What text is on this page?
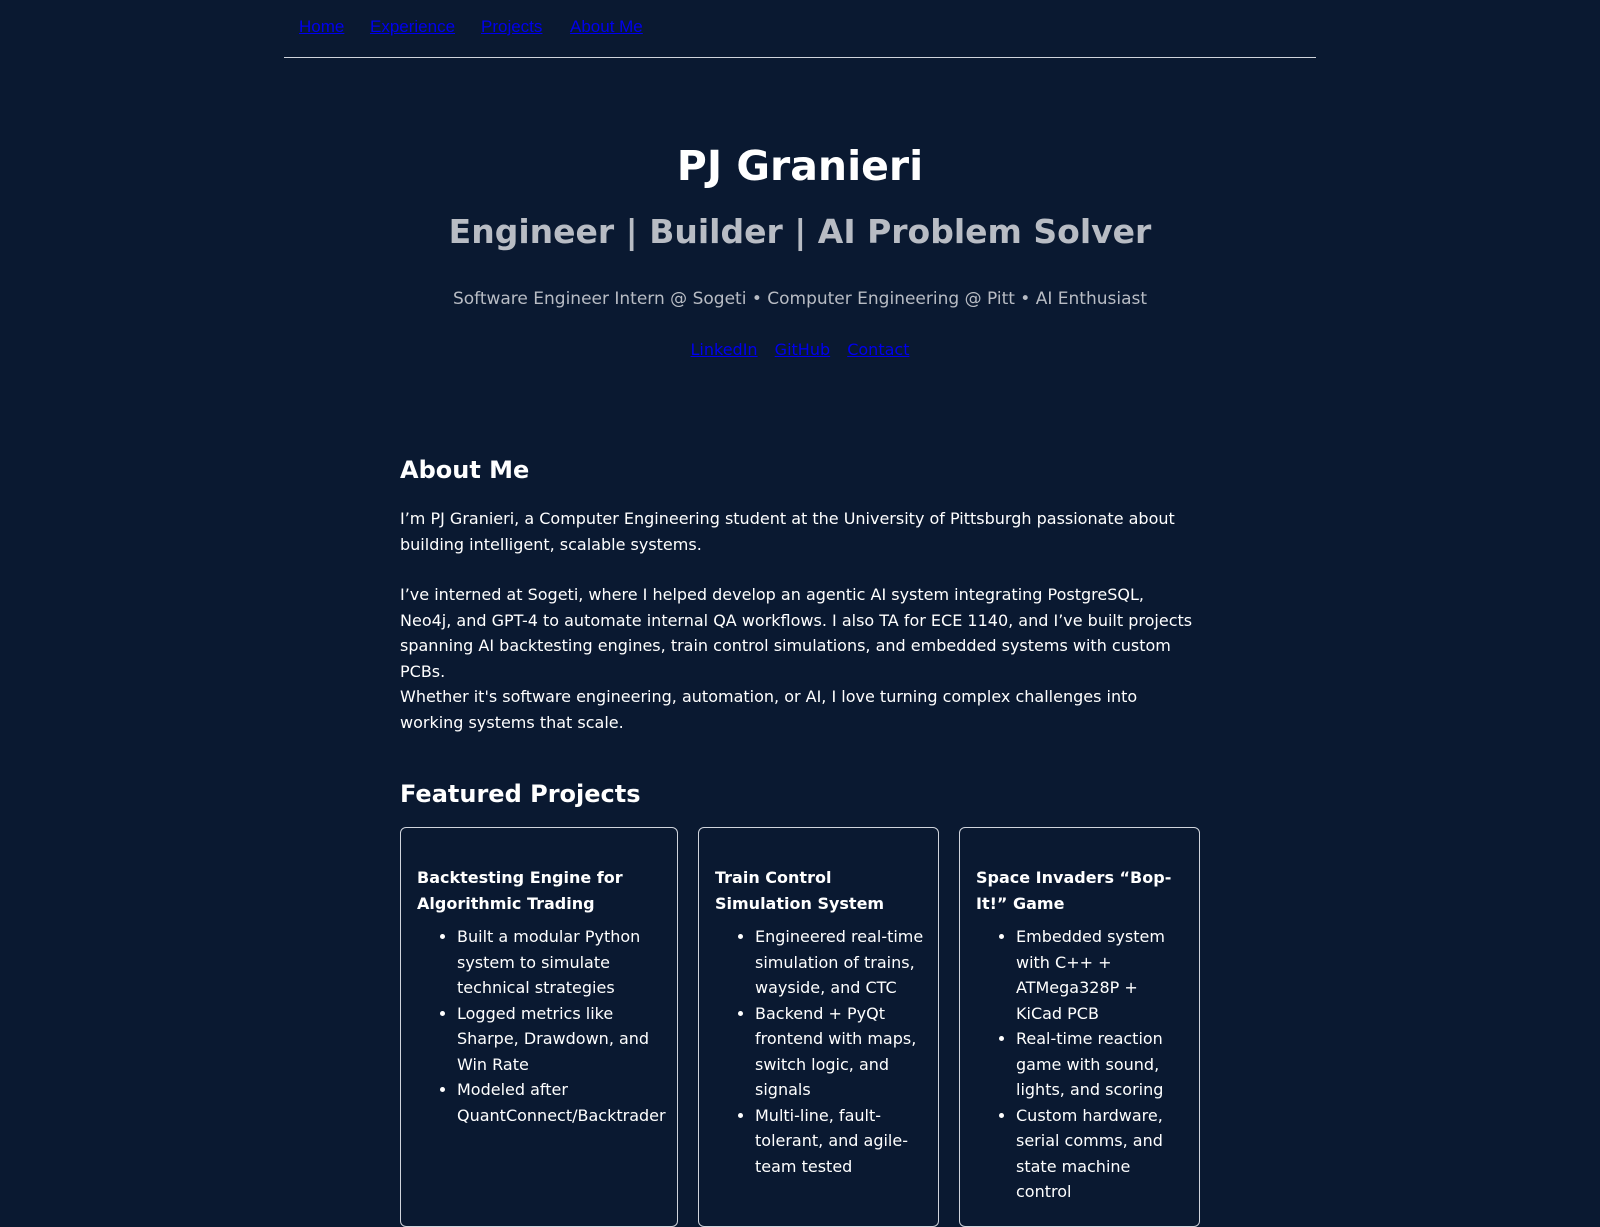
Home Experience Projects About Me
PJ Granieri
Engineer | Builder | AI Problem Solver

Software Engineer Intern @ Sogeti • Computer Engineering @ Pitt • AI Enthusiast

LinkedIn GitHub Contact
About Me

I’m PJ Granieri, a Computer Engineering student at the University of Pittsburgh passionate about building intelligent, scalable systems.

I’ve interned at Sogeti, where I helped develop an agentic AI system integrating PostgreSQL, Neo4j, and GPT-4 to automate internal QA workflows. I also TA for ECE 1140, and I’ve built projects spanning AI backtesting engines, train control simulations, and embedded systems with custom PCBs.

Whether it's software engineering, automation, or AI, I love turning complex challenges into working systems that scale.

Featured Projects
Backtesting Engine for Algorithmic Trading
• Built a modular Python system to simulate technical strategies
• Logged metrics like Sharpe, Drawdown, and Win Rate
• Modeled after QuantConnect/Backtrader
Train Control Simulation System
• Engineered real-time simulation of trains, wayside, and CTC
• Backend + PyQt frontend with maps, switch logic, and signals
• Multi-line, fault-tolerant, and agile-team tested
Space Invaders “Bop-It!” Game
• Embedded system with C++ + ATMega328P + KiCad PCB
• Real-time reaction game with sound, lights, and scoring
• Custom hardware, serial comms, and state machine control
